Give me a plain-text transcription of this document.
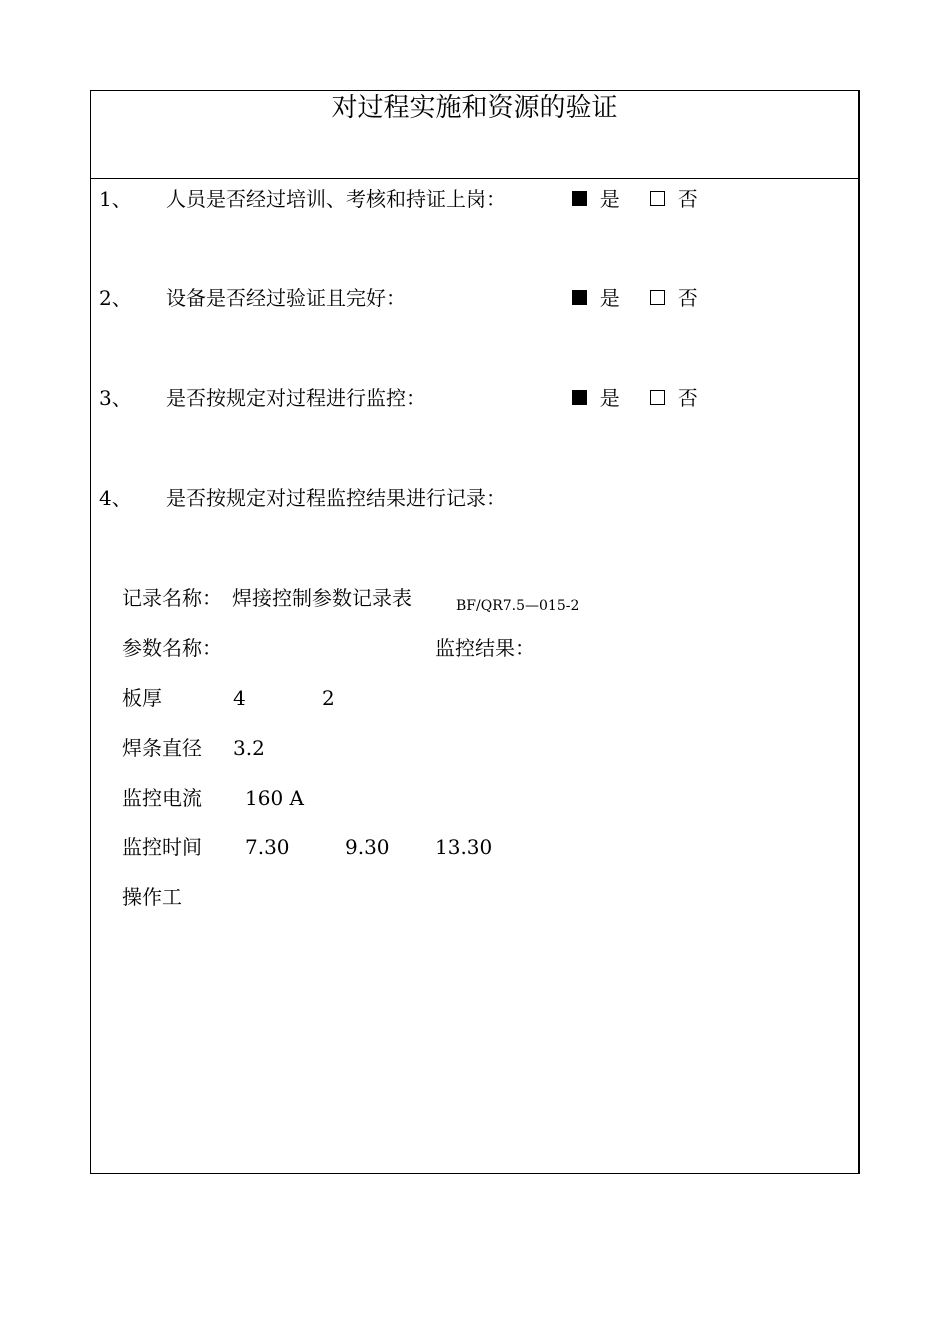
对过程实施和资源的验证
1、 人员是否经过培训、考核和持证上岗：	是	否
2、 设备是否经过验证且完好：	是	否
3、 是否按规定对过程进行监控：	是	否
4、 是否按规定对过程监控结果进行记录：
记录名称： 焊接控制参数记录表	BF/QR7.5—015-2
参数名称：	监控结果：
板厚	4	2
焊条直径 3.2
监控电流 160 A
监控时间 7.30	9.30 13.30
操作工
